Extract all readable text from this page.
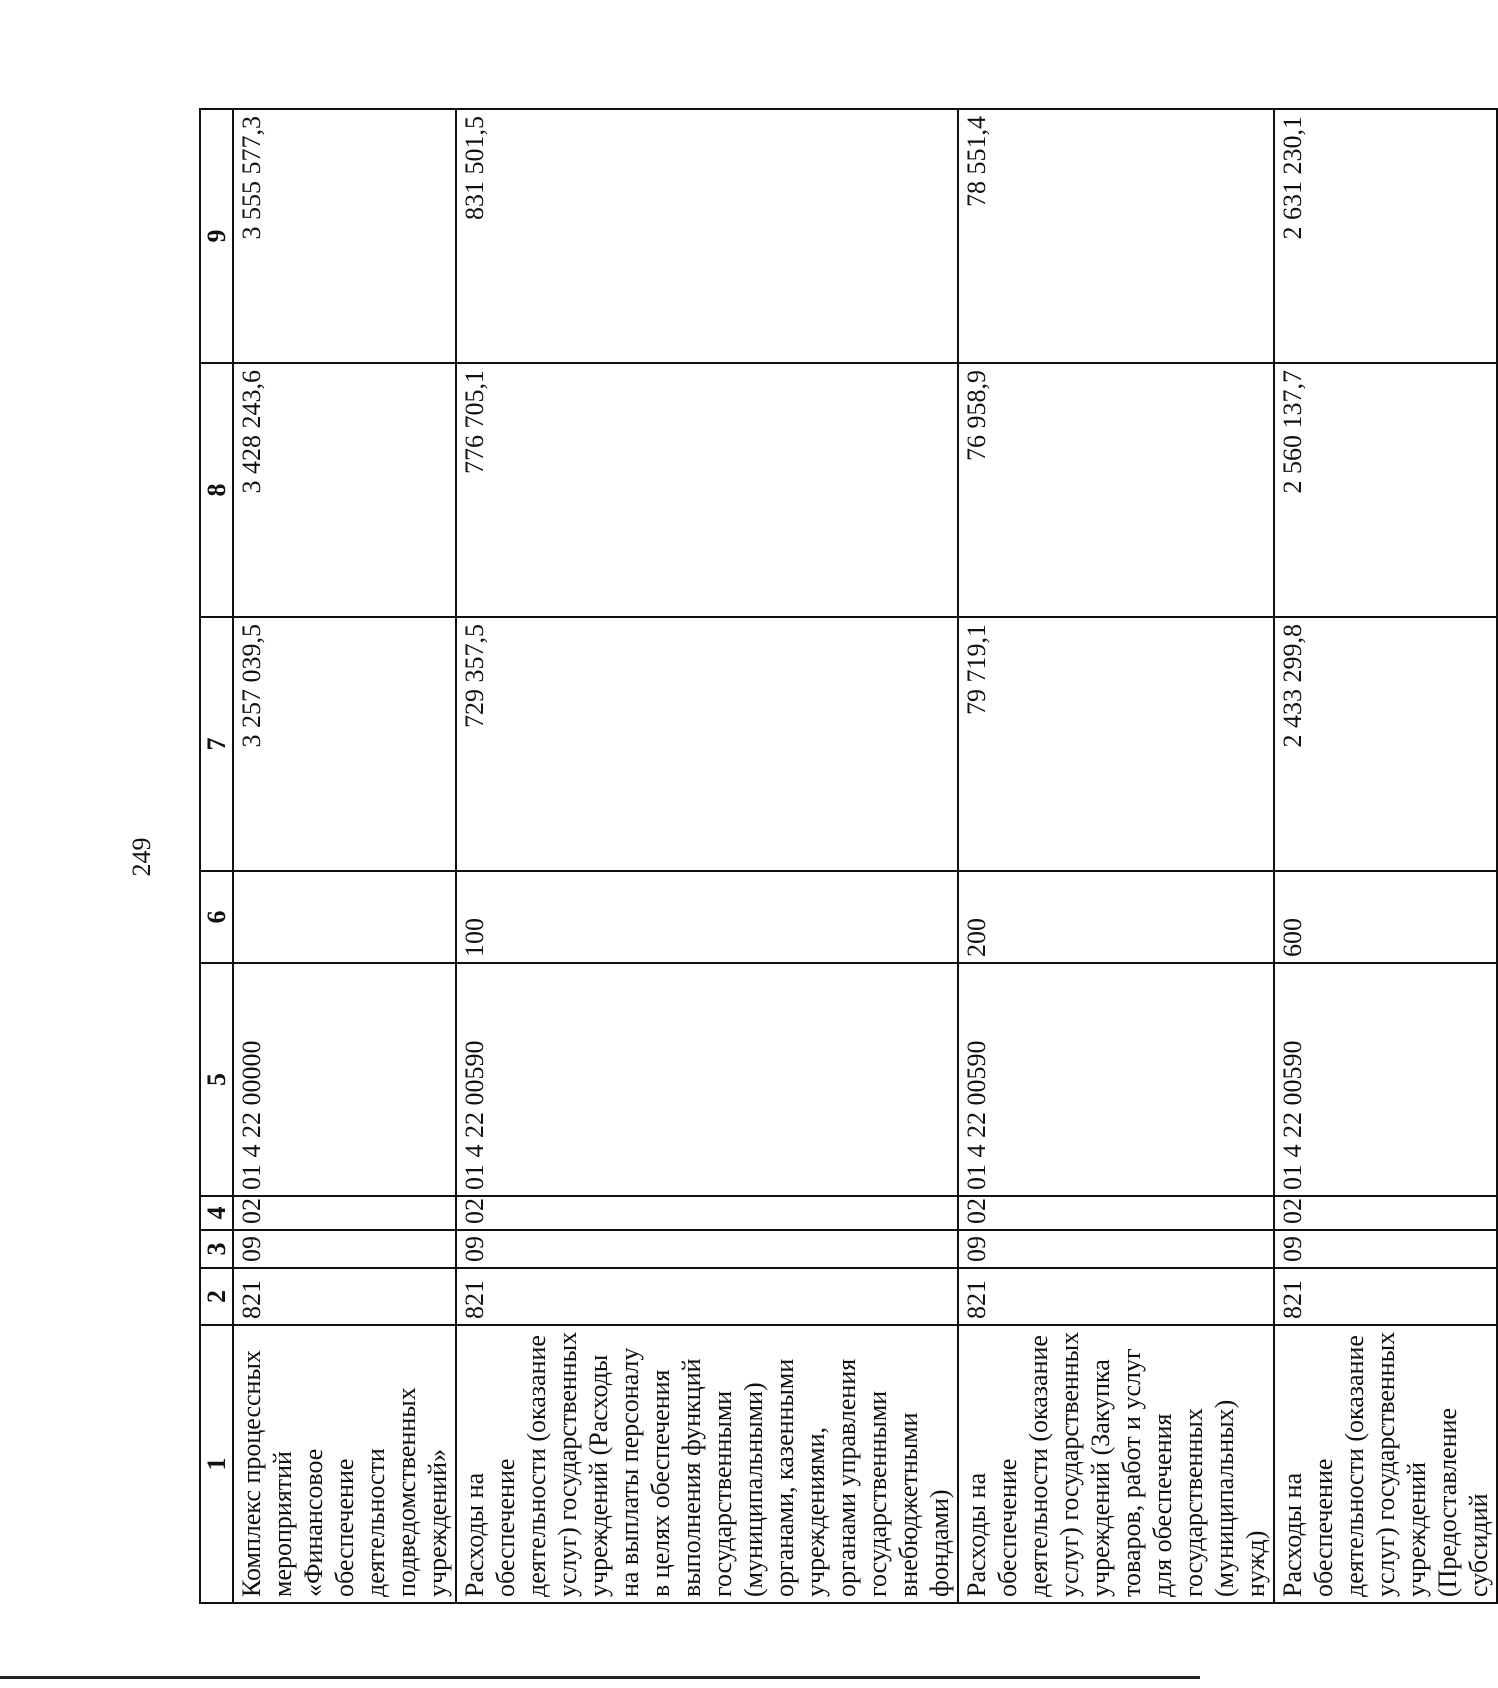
249
1	2	3	4	5	6	7	8	9
Комплекс процессных мероприятий «Финансовое обеспечение деятельности подведомственных учреждений»	821	09	02	01 4 22 00000		3 257 039,5	3 428 243,6	3 555 577,3
Расходы на обеспечение деятельности (оказание услуг) государственных учреждений (Расходы на выплаты персоналу в целях обеспечения выполнения функций государственными (муниципальными) органами, казенными учреждениями, органами управления государственными внебюджетными фондами)	821	09	02	01 4 22 00590	100	729 357,5	776 705,1	831 501,5
Расходы на обеспечение деятельности (оказание услуг) государственных учреждений (Закупка товаров, работ и услуг для обеспечения государственных (муниципальных) нужд)	821	09	02	01 4 22 00590	200	79 719,1	76 958,9	78 551,4
Расходы на обеспечение деятельности (оказание услуг) государственных учреждений (Предоставление субсидий	821	09	02	01 4 22 00590	600	2 433 299,8	2 560 137,7	2 631 230,1
